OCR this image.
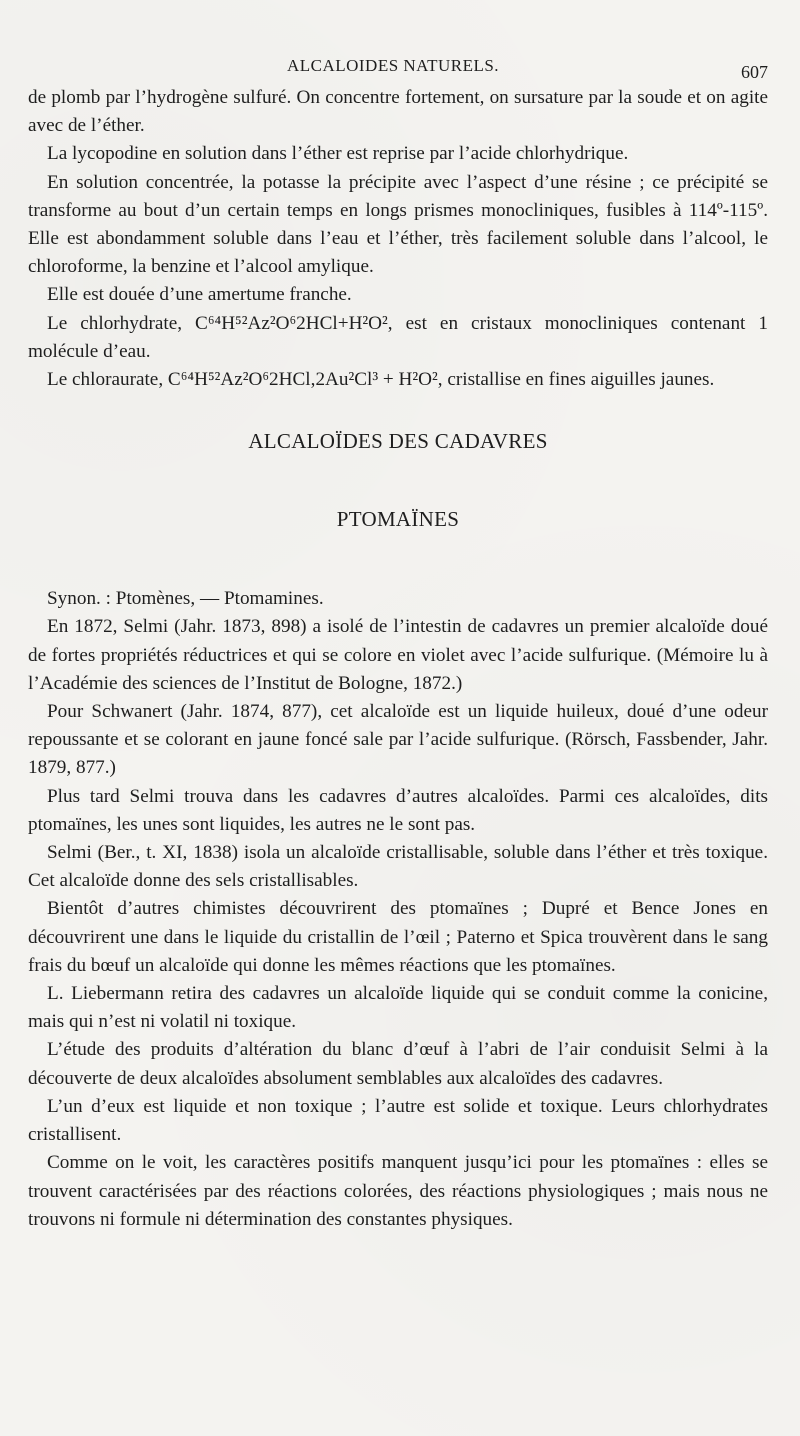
ALCALOIDES NATURELS.	607

de plomb par l’hydrogène sulfuré. On concentre fortement, on sursature par la soude et on agite avec de l’éther.

La lycopodine en solution dans l’éther est reprise par l’acide chlorhydrique.

En solution concentrée, la potasse la précipite avec l’aspect d’une résine ; ce précipité se transforme au bout d’un certain temps en longs prismes monocliniques, fusibles à 114º-115º. Elle est abondamment soluble dans l’eau et l’éther, très facilement soluble dans l’alcool, le chloroforme, la benzine et l’alcool amylique.

Elle est douée d’une amertume franche.

Le chlorhydrate, C⁶⁴H⁵²Az²O⁶2HCl+H²O², est en cristaux monocliniques contenant 1 molécule d’eau.

Le chloraurate, C⁶⁴H⁵²Az²O⁶2HCl,2Au²Cl³ + H²O², cristallise en fines aiguilles jaunes.

ALCALOÏDES DES CADAVRES
PTOMAÏNES

Synon. : Ptomènes, — Ptomamines.

En 1872, Selmi (Jahr. 1873, 898) a isolé de l’intestin de cadavres un premier alcaloïde doué de fortes propriétés réductrices et qui se colore en violet avec l’acide sulfurique. (Mémoire lu à l’Académie des sciences de l’Institut de Bologne, 1872.)

Pour Schwanert (Jahr. 1874, 877), cet alcaloïde est un liquide huileux, doué d’une odeur repoussante et se colorant en jaune foncé sale par l’acide sulfurique. (Rörsch, Fassbender, Jahr. 1879, 877.)

Plus tard Selmi trouva dans les cadavres d’autres alcaloïdes. Parmi ces alcaloïdes, dits ptomaïnes, les unes sont liquides, les autres ne le sont pas.

Selmi (Ber., t. XI, 1838) isola un alcaloïde cristallisable, soluble dans l’éther et très toxique. Cet alcaloïde donne des sels cristallisables.

Bientôt d’autres chimistes découvrirent des ptomaïnes ; Dupré et Bence Jones en découvrirent une dans le liquide du cristallin de l’œil ; Paterno et Spica trouvèrent dans le sang frais du bœuf un alcaloïde qui donne les mêmes réactions que les ptomaïnes.

L. Liebermann retira des cadavres un alcaloïde liquide qui se conduit comme la conicine, mais qui n’est ni volatil ni toxique.

L’étude des produits d’altération du blanc d’œuf à l’abri de l’air conduisit Selmi à la découverte de deux alcaloïdes absolument semblables aux alcaloïdes des cadavres.

L’un d’eux est liquide et non toxique ; l’autre est solide et toxique. Leurs chlorhydrates cristallisent.

Comme on le voit, les caractères positifs manquent jusqu’ici pour les ptomaïnes : elles se trouvent caractérisées par des réactions colorées, des réactions physiologiques ; mais nous ne trouvons ni formule ni détermination des constantes physiques.
